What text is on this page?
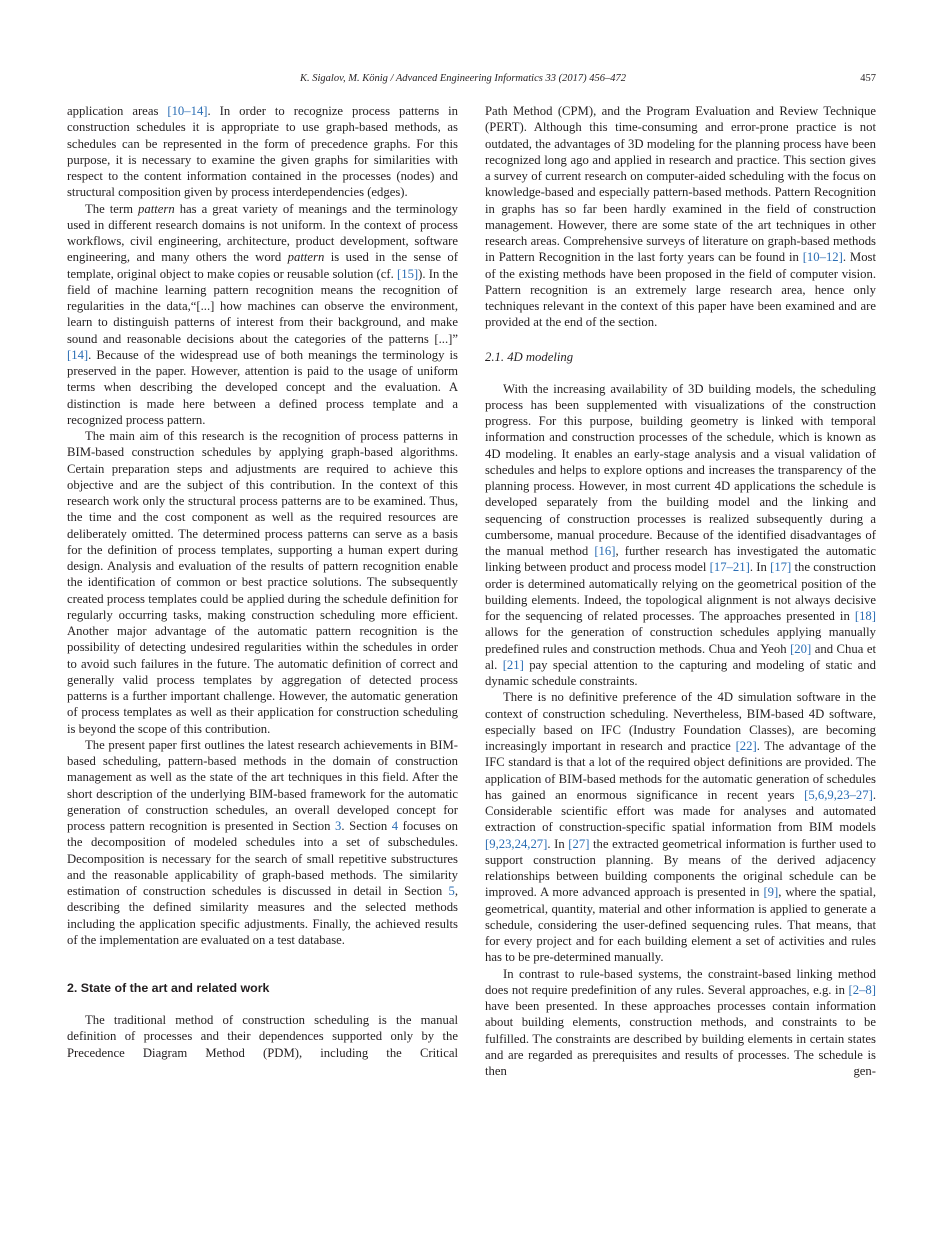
K. Sigalov, M. König / Advanced Engineering Informatics 33 (2017) 456–472	457

application areas [10–14]. In order to recognize process patterns in construction schedules it is appropriate to use graph-based methods, as schedules can be represented in the form of precedence graphs. For this purpose, it is necessary to examine the given graphs for similarities with respect to the content information contained in the processes (nodes) and structural composition given by process interdependencies (edges).

The term pattern has a great variety of meanings and the terminology used in different research domains is not uniform. In the context of process workflows, civil engineering, architecture, product development, software engineering, and many others the word pattern is used in the sense of template, original object to make copies or reusable solution (cf. [15]). In the field of machine learning pattern recognition means the recognition of regularities in the data,“[...] how machines can observe the environment, learn to distinguish patterns of interest from their background, and make sound and reasonable decisions about the categories of the patterns [...]” [14]. Because of the widespread use of both meanings the terminology is preserved in the paper. However, attention is paid to the usage of uniform terms when describing the developed concept and the evaluation. A distinction is made here between a defined process template and a recognized process pattern.

The main aim of this research is the recognition of process patterns in BIM-based construction schedules by applying graph-based algorithms. Certain preparation steps and adjustments are required to achieve this objective and are the subject of this contribution. In the context of this research work only the structural process patterns are to be examined. Thus, the time and the cost component as well as the required resources are deliberately omitted. The determined process patterns can serve as a basis for the definition of process templates, supporting a human expert during design. Analysis and evaluation of the results of pattern recognition enable the identification of common or best practice solutions. The subsequently created process templates could be applied during the schedule definition for regularly occurring tasks, making construction scheduling more efficient. Another major advantage of the automatic pattern recognition is the possibility of detecting undesired regularities within the schedules in order to avoid such failures in the future. The automatic definition of correct and generally valid process templates by aggregation of detected process patterns is a further important challenge. However, the automatic generation of process templates as well as their application for construction scheduling is beyond the scope of this contribution.

The present paper first outlines the latest research achievements in BIM-based scheduling, pattern-based methods in the domain of construction management as well as the state of the art techniques in this field. After the short description of the underlying BIM-based framework for the automatic generation of construction schedules, an overall developed concept for process pattern recognition is presented in Section 3. Section 4 focuses on the decomposition of modeled schedules into a set of subschedules. Decomposition is necessary for the search of small repetitive substructures and the reasonable applicability of graph-based methods. The similarity estimation of construction schedules is discussed in detail in Section 5, describing the defined similarity measures and the selected methods including the application specific adjustments. Finally, the achieved results of the implementation are evaluated on a test database.

2. State of the art and related work

The traditional method of construction scheduling is the manual definition of processes and their dependences supported only by the Precedence Diagram Method (PDM), including the Critical

Path Method (CPM), and the Program Evaluation and Review Technique (PERT). Although this time-consuming and error-prone practice is not outdated, the advantages of 3D modeling for the planning process have been recognized long ago and applied in research and practice. This section gives a survey of current research on computer-aided scheduling with the focus on knowledge-based and especially pattern-based methods. Pattern Recognition in graphs has so far been hardly examined in the field of construction management. However, there are some state of the art techniques in other research areas. Comprehensive surveys of literature on graph-based methods in Pattern Recognition in the last forty years can be found in [10–12]. Most of the existing methods have been proposed in the field of computer vision. Pattern recognition is an extremely large research area, hence only techniques relevant in the context of this paper have been examined and are provided at the end of the section.

2.1. 4D modeling

With the increasing availability of 3D building models, the scheduling process has been supplemented with visualizations of the construction progress. For this purpose, building geometry is linked with temporal information and construction processes of the schedule, which is known as 4D modeling. It enables an early-stage analysis and a visual validation of schedules and helps to explore options and increases the transparency of the planning process. However, in most current 4D applications the schedule is developed separately from the building model and the linking and sequencing of construction processes is realized subsequently during a cumbersome, manual procedure. Because of the identified disadvantages of the manual method [16], further research has investigated the automatic linking between product and process model [17–21]. In [17] the construction order is determined automatically relying on the geometrical position of the building elements. Indeed, the topological alignment is not always decisive for the sequencing of related processes. The approaches presented in [18] allows for the generation of construction schedules applying manually predefined rules and construction methods. Chua and Yeoh [20] and Chua et al. [21] pay special attention to the capturing and modeling of static and dynamic schedule constraints.

There is no definitive preference of the 4D simulation software in the context of construction scheduling. Nevertheless, BIM-based 4D software, especially based on IFC (Industry Foundation Classes), are becoming increasingly important in research and practice [22]. The advantage of the IFC standard is that a lot of the required object definitions are provided. The application of BIM-based methods for the automatic generation of schedules has gained an enormous significance in recent years [5,6,9,23–27]. Considerable scientific effort was made for analyses and automated extraction of construction-specific spatial information from BIM models [9,23,24,27]. In [27] the extracted geometrical information is further used to support construction planning. By means of the derived adjacency relationships between building components the original schedule can be improved. A more advanced approach is presented in [9], where the spatial, geometrical, quantity, material and other information is applied to generate a schedule, considering the user-defined sequencing rules. That means, that for every project and for each building element a set of activities and rules has to be pre-determined manually.

In contrast to rule-based systems, the constraint-based linking method does not require predefinition of any rules. Several approaches, e.g. in [2–8] have been presented. In these approaches processes contain information about building elements, construction methods, and constraints to be fulfilled. The constraints are described by building elements in certain states and are regarded as prerequisites and results of processes. The schedule is then gen-
